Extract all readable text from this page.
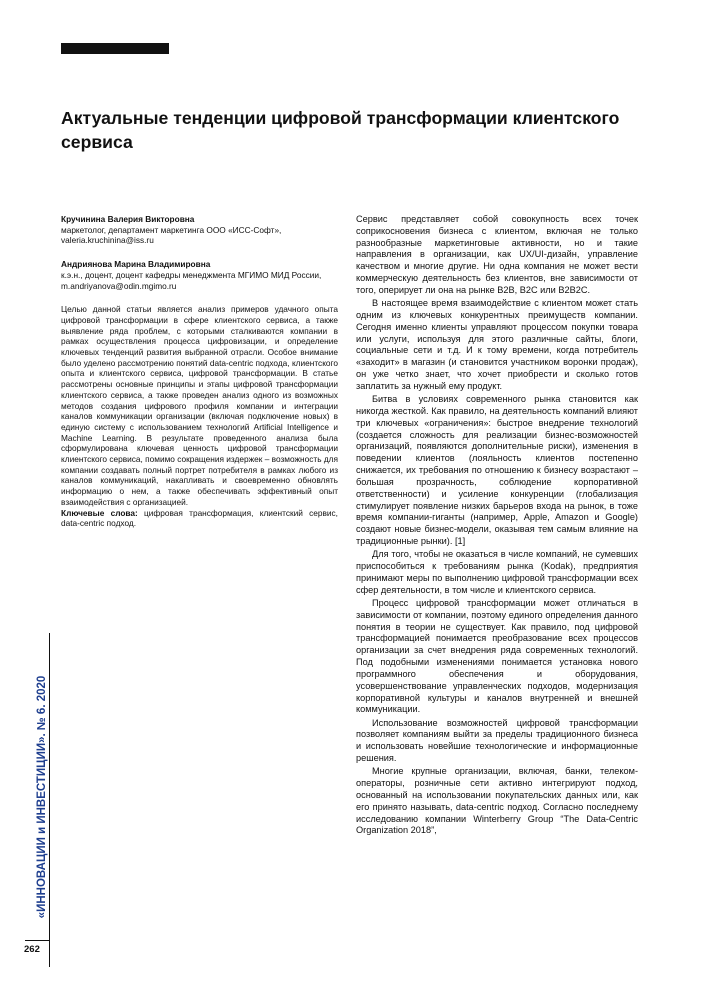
Актуальные тенденции цифровой трансформации клиентского сервиса

Кручинина Валерия Викторовна

маркетолог, департамент маркетинга ООО «ИСС-Софт»,

valeria.kruchinina@iss.ru

Андриянова Марина Владимировна

к.э.н., доцент, доцент кафедры менеджмента МГИМО МИД России,

m.andriyanova@odin.mgimo.ru

Целью данной статьи является анализ примеров удачного опыта цифровой трансформации в сфере клиентского сервиса, а также выявление ряда проблем, с которыми сталкиваются компании в рамках осуществления процесса цифровизации, и определение ключевых тенденций развития выбранной отрасли. Особое внимание было уделено рассмотрению понятий data-centric подхода, клиентского опыта и клиентского сервиса, цифровой трансформации. В статье рассмотрены основные принципы и этапы цифровой трансформации клиентского сервиса, а также проведен анализ одного из возможных методов создания цифрового профиля компании и интеграции каналов коммуникации организации (включая подключение новых) в единую систему с использованием технологий Artificial Intelligence и Machine Learning. В результате проведенного анализа была сформулирована ключевая ценность цифровой трансформации клиентского сервиса, помимо сокращения издержек – возможность для компании создавать полный портрет потребителя в рамках любого из каналов коммуникаций, накапливать и своевременно обновлять информацию о нем, а также обеспечивать эффективный опыт взаимодействия с организацией.

Ключевые слова: цифровая трансформация, клиентский сервис, data-centric подход.

Сервис представляет собой совокупность всех точек соприкосновения бизнеса с клиентом, включая не только разнообразные маркетинговые активности, но и такие направления в организации, как UX/UI-дизайн, управление качеством и многие другие. Ни одна компания не может вести коммерческую деятельность без клиентов, вне зависимости от того, оперирует ли она на рынке B2B, B2C или B2B2C.

В настоящее время взаимодействие с клиентом может стать одним из ключевых конкурентных преимуществ компании. Сегодня именно клиенты управляют процессом покупки товара или услуги, используя для этого различные сайты, блоги, социальные сети и т.д. И к тому времени, когда потребитель «заходит» в магазин (и становится участником воронки продаж), он уже четко знает, что хочет приобрести и сколько готов заплатить за нужный ему продукт.

Битва в условиях современного рынка становится как никогда жесткой. Как правило, на деятельность компаний влияют три ключевых «ограничения»: быстрое внедрение технологий (создается сложность для реализации бизнес-возможностей организаций, появляются дополнительные риски), изменения в поведении клиентов (лояльность клиентов постепенно снижается, их требования по отношению к бизнесу возрастают – большая прозрачность, соблюдение корпоративной ответственности) и усиление конкуренции (глобализация стимулирует появление низких барьеров входа на рынок, в тоже время компании-гиганты (например, Apple, Amazon и Google) создают новые бизнес-модели, оказывая тем самым влияние на традиционные рынки). [1]

Для того, чтобы не оказаться в числе компаний, не сумевших приспособиться к требованиям рынка (Kodak), предприятия принимают меры по выполнению цифровой трансформации всех сфер деятельности, в том числе и клиентского сервиса.

Процесс цифровой трансформации может отличаться в зависимости от компании, поэтому единого определения данного понятия в теории не существует. Как правило, под цифровой трансформацией понимается преобразование всех процессов организации за счет внедрения ряда современных технологий. Под подобными изменениями понимается установка нового программного обеспечения и оборудования, усовершенствование управленческих подходов, модернизация корпоративной культуры и каналов внутренней и внешней коммуникации.

Использование возможностей цифровой трансформации позволяет компаниям выйти за пределы традиционного бизнеса и использовать новейшие технологические и информационные решения.

Многие крупные организации, включая, банки, телеком-операторы, розничные сети активно интегрируют подход, основанный на использовании покупательских данных или, как его принято называть, data-centric подход. Согласно последнему исследованию компании Winterberry Group “The Data-Centric Organization 2018”,

«ИННОВАЦИИ и ИНВЕСТИЦИИ». № 6. 2020
262
